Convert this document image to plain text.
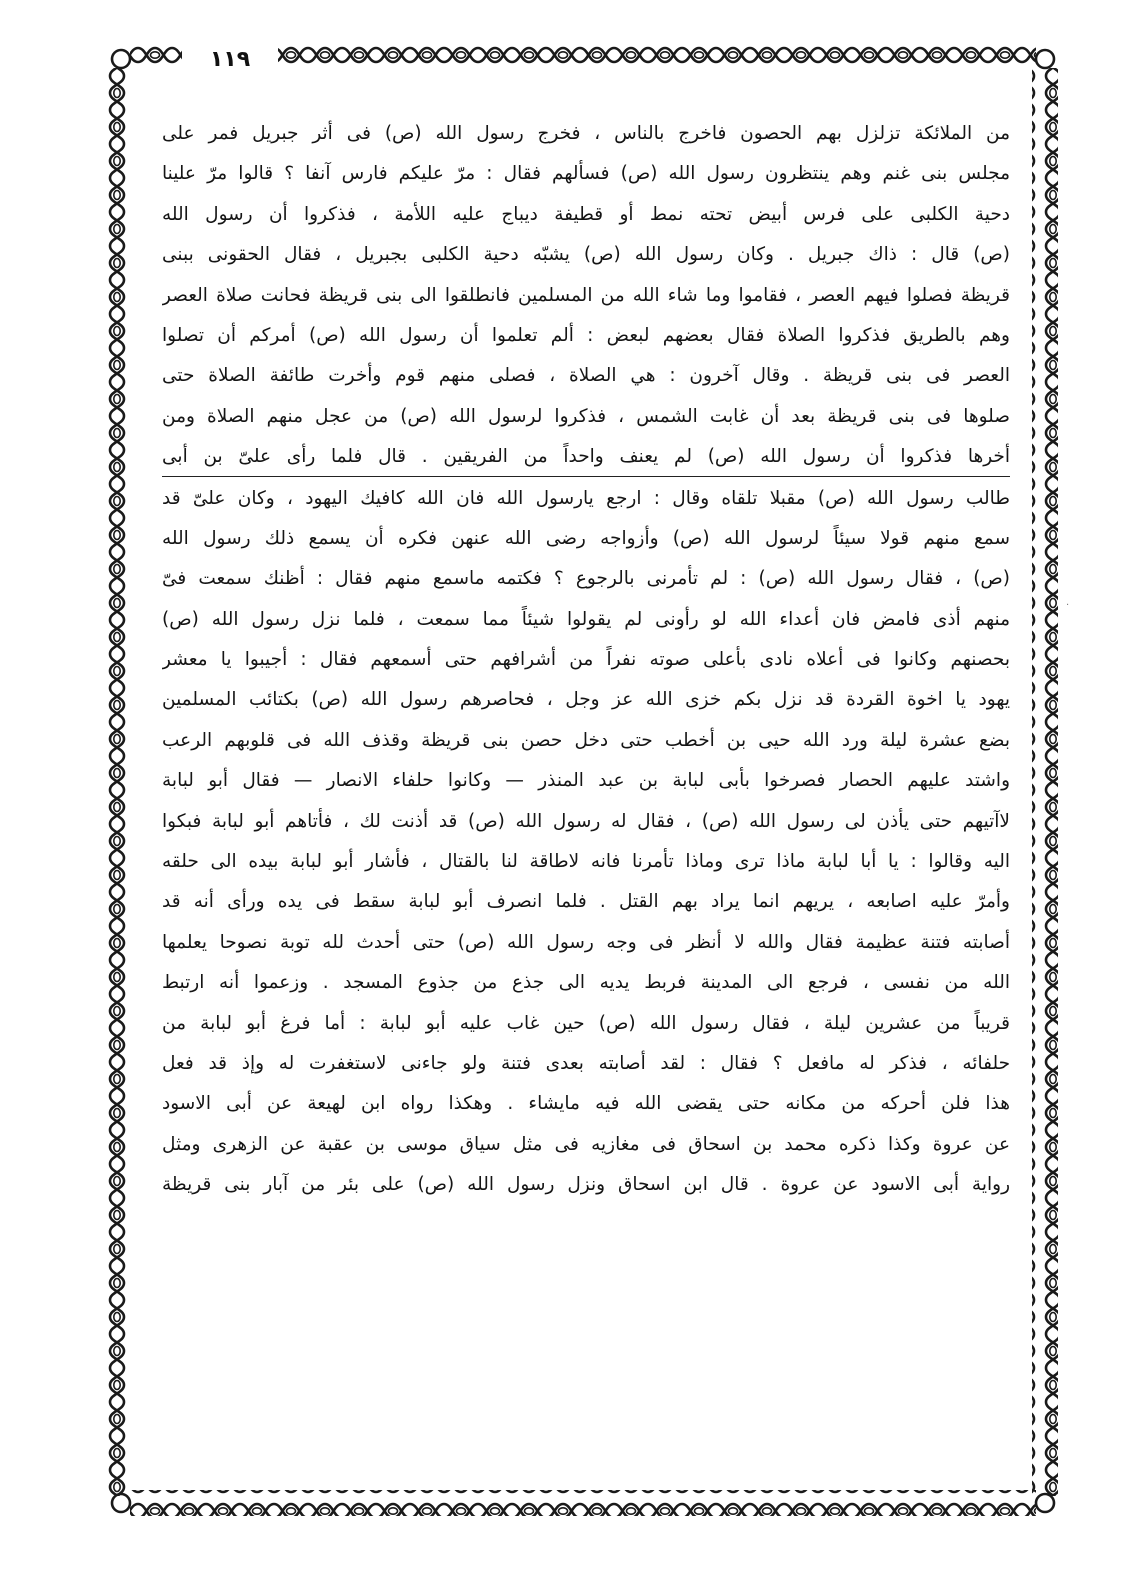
١١٩
من الملائكة تزلزل بهم الحصون فاخرج بالناس ، فخرج رسول الله (ص) فى أثر جبريل فمر على
مجلس بنى غنم وهم ينتظرون رسول الله (ص) فسألهم فقال : مرّ عليكم فارس آنفا ؟ قالوا مرّ علينا
دحية الكلبى على فرس أبيض تحته نمط أو قطيفة ديباج عليه اللأمة ، فذكروا أن رسول الله
(ص) قال : ذاك جبريل . وكان رسول الله (ص) يشبّه دحية الكلبى بجبريل ، فقال الحقونى ببنى
قريظة فصلوا فيهم العصر ، فقاموا وما شاء الله من المسلمين فانطلقوا الى بنى قريظة فحانت صلاة العصر
وهم بالطريق فذكروا الصلاة فقال بعضهم لبعض : ألم تعلموا أن رسول الله (ص) أمركم أن تصلوا
العصر فى بنى قريظة . وقال آخرون : هي الصلاة ، فصلى منهم قوم وأخرت طائفة الصلاة حتى
صلوها فى بنى قريظة بعد أن غابت الشمس ، فذكروا لرسول الله (ص) من عجل منهم الصلاة ومن
أخرها فذكروا أن رسول الله (ص) لم يعنف واحداً من الفريقين . قال فلما رأى علىّ بن أبى
طالب رسول الله (ص) مقبلا تلقاه وقال : ارجع يارسول الله فان الله كافيك اليهود ، وكان علىّ قد
سمع منهم قولا سيئاً لرسول الله (ص) وأزواجه رضى الله عنهن فكره أن يسمع ذلك رسول الله
(ص) ، فقال رسول الله (ص) : لم تأمرنى بالرجوع ؟ فكتمه ماسمع منهم فقال : أظنك سمعت فىّ
منهم أذى فامض فان أعداء الله لو رأونى لم يقولوا شيئاً مما سمعت ، فلما نزل رسول الله (ص)
بحصنهم وكانوا فى أعلاه نادى بأعلى صوته نفراً من أشرافهم حتى أسمعهم فقال : أجيبوا يا معشر
يهود يا اخوة القردة قد نزل بكم خزى الله عز وجل ، فحاصرهم رسول الله (ص) بكتائب المسلمين
بضع عشرة ليلة ورد الله حيى بن أخطب حتى دخل حصن بنى قريظة وقذف الله فى قلوبهم الرعب
واشتد عليهم الحصار فصرخوا بأبى لبابة بن عبد المنذر — وكانوا حلفاء الانصار — فقال أبو لبابة
لاآتيهم حتى يأذن لى رسول الله (ص) ، فقال له رسول الله (ص) قد أذنت لك ، فأتاهم أبو لبابة فبكوا
اليه وقالوا : يا أبا لبابة ماذا ترى وماذا تأمرنا فانه لاطاقة لنا بالقتال ، فأشار أبو لبابة بيده الى حلقه
وأمرّ عليه اصابعه ، يريهم انما يراد بهم القتل . فلما انصرف أبو لبابة سقط فى يده ورأى أنه قد
أصابته فتنة عظيمة فقال والله لا أنظر فى وجه رسول الله (ص) حتى أحدث لله توبة نصوحا يعلمها
الله من نفسى ، فرجع الى المدينة فربط يديه الى جذع من جذوع المسجد . وزعموا أنه ارتبط
قريباً من عشرين ليلة ، فقال رسول الله (ص) حين غاب عليه أبو لبابة : أما فرغ أبو لبابة من
حلفائه ، فذكر له مافعل ؟ فقال : لقد أصابته بعدى فتنة ولو جاءنى لاستغفرت له وإذ قد فعل
هذا فلن أحركه من مكانه حتى يقضى الله فيه مايشاء . وهكذا رواه ابن لهيعة عن أبى الاسود
عن عروة وكذا ذكره محمد بن اسحاق فى مغازيه فى مثل سياق موسى بن عقبة عن الزهرى ومثل
رواية أبى الاسود عن عروة . قال ابن اسحاق ونزل رسول الله (ص) على بئر من آبار بنى قريظة
·
